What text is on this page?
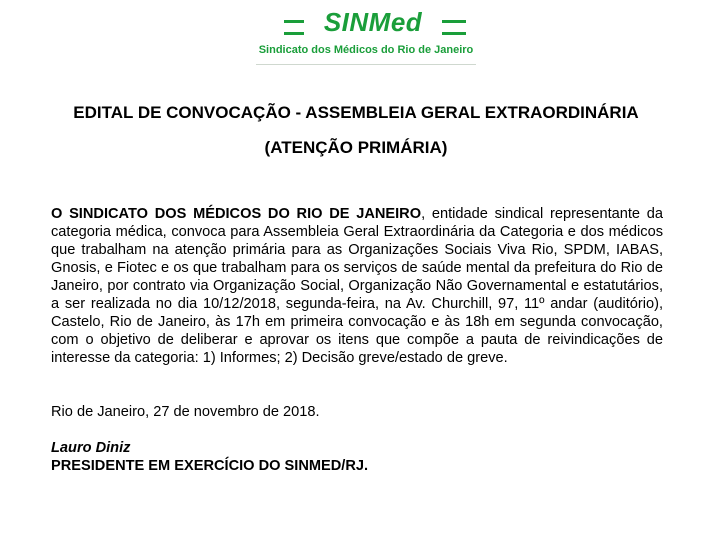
SINMed
Sindicato dos Médicos do Rio de Janeiro
EDITAL DE CONVOCAÇÃO - ASSEMBLEIA GERAL EXTRAORDINÁRIA
(ATENÇÃO PRIMÁRIA)
O SINDICATO DOS MÉDICOS DO RIO DE JANEIRO, entidade sindical representante da categoria médica, convoca para Assembleia Geral Extraordinária da Categoria e dos médicos que trabalham na atenção primária para as Organizações Sociais Viva Rio, SPDM, IABAS, Gnosis, e Fiotec e os que trabalham para os serviços de saúde mental da prefeitura do Rio de Janeiro, por contrato via Organização Social, Organização Não Governamental e estatutários, a ser realizada no dia 10/12/2018, segunda-feira, na Av. Churchill, 97, 11º andar (auditório), Castelo, Rio de Janeiro, às 17h em primeira convocação e às 18h em segunda convocação, com o objetivo de deliberar e aprovar os itens que compõe a pauta de reivindicações de interesse da categoria: 1) Informes; 2) Decisão greve/estado de greve.
Rio de Janeiro, 27 de novembro de 2018.
Lauro Diniz
PRESIDENTE EM EXERCÍCIO DO SINMED/RJ.
